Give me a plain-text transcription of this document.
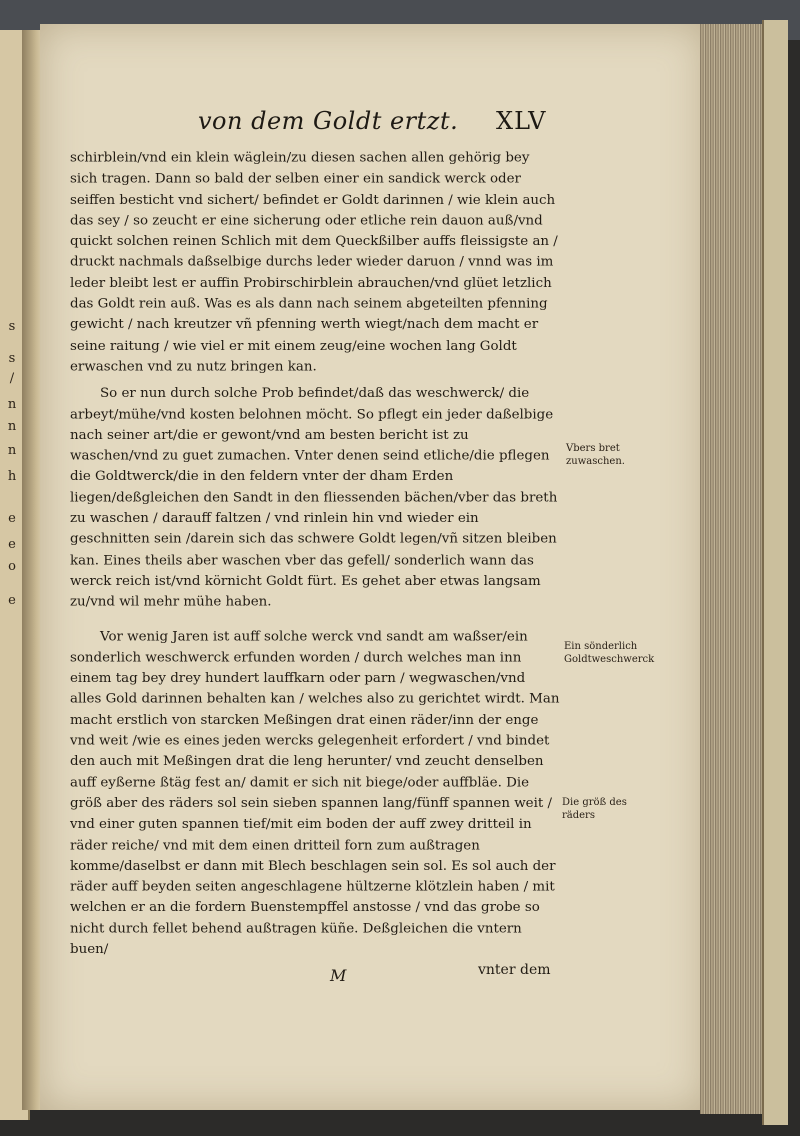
s
s
/
n
n
n
h
e
e
o
e
von dem Goldt ertzt.	XLV

schirblein/vnd ein klein wäglein/zu diesen sachen allen gehörig bey sich tragen. Dann so bald der selben einer ein sandick werck oder seiffen besticht vnd sichert/ befindet er Goldt darinnen / wie klein auch das sey / so zeucht er eine sicherung oder etliche rein dauon auß/vnd quickt solchen reinen Schlich mit dem Queckßilber auffs fleissigste an / druckt nachmals daßselbige durchs leder wieder daruon / vnnd was im leder bleibt lest er auffin Probirschirblein abrauchen/vnd glüet letzlich das Goldt rein auß. Was es als dann nach seinem abgeteilten pfenning gewicht / nach kreutzer vñ pfenning werth wiegt/nach dem macht er seine raitung / wie viel er mit einem zeug/eine wochen lang Goldt erwaschen vnd zu nutz bringen kan.

So er nun durch solche Prob befindet/daß das weschwerck/ die arbeyt/mühe/vnd kosten belohnen möcht. So pflegt ein jeder daßelbige nach seiner art/die er gewont/vnd am besten bericht ist zu waschen/vnd zu guet zumachen. Vnter denen seind etliche/die pflegen die Goldtwerck/die in den feldern vnter der dham Erden liegen/deßgleichen den Sandt in den fliessenden bächen/vber das breth zu waschen / darauff faltzen / vnd rinlein hin vnd wieder ein geschnitten sein /darein sich das schwere Goldt legen/vñ sitzen bleiben kan. Eines theils aber waschen vber das gefell/ sonderlich wann das werck reich ist/vnd körnicht Goldt fürt. Es gehet aber etwas langsam zu/vnd wil mehr mühe haben.

Vor wenig Jaren ist auff solche werck vnd sandt am waßser/ein sonderlich weschwerck erfunden worden / durch welches man inn einem tag bey drey hundert lauffkarn oder parn / wegwaschen/vnd alles Gold darinnen behalten kan / welches also zu gerichtet wirdt. Man macht erstlich von starcken Meßingen drat einen räder/inn der enge vnd weit /wie es eines jeden wercks gelegenheit erfordert / vnd bindet den auch mit Meßingen drat die leng herunter/ vnd zeucht denselben auff eyßerne ßtäg fest an/ damit er sich nit biege/oder auffbläe. Die größ aber des räders sol sein sieben spannen lang/fünff spannen weit / vnd einer guten spannen tief/mit eim boden der auff zwey dritteil in räder reiche/ vnd mit dem einen dritteil forn zum außtragen komme/daselbst er dann mit Blech beschlagen sein sol. Es sol auch der räder auff beyden seiten angeschlagene hültzerne klötzlein haben / mit welchen er an die fordern Buenstempffel anstosse / vnd das grobe so nicht durch fellet behend außtragen küñe. Deßgleichen die vntern buen/

Vbers bret zuwaschen.
Ein sönderlich Goldtweschwerck
Die größ des räders
M	vnter dem
